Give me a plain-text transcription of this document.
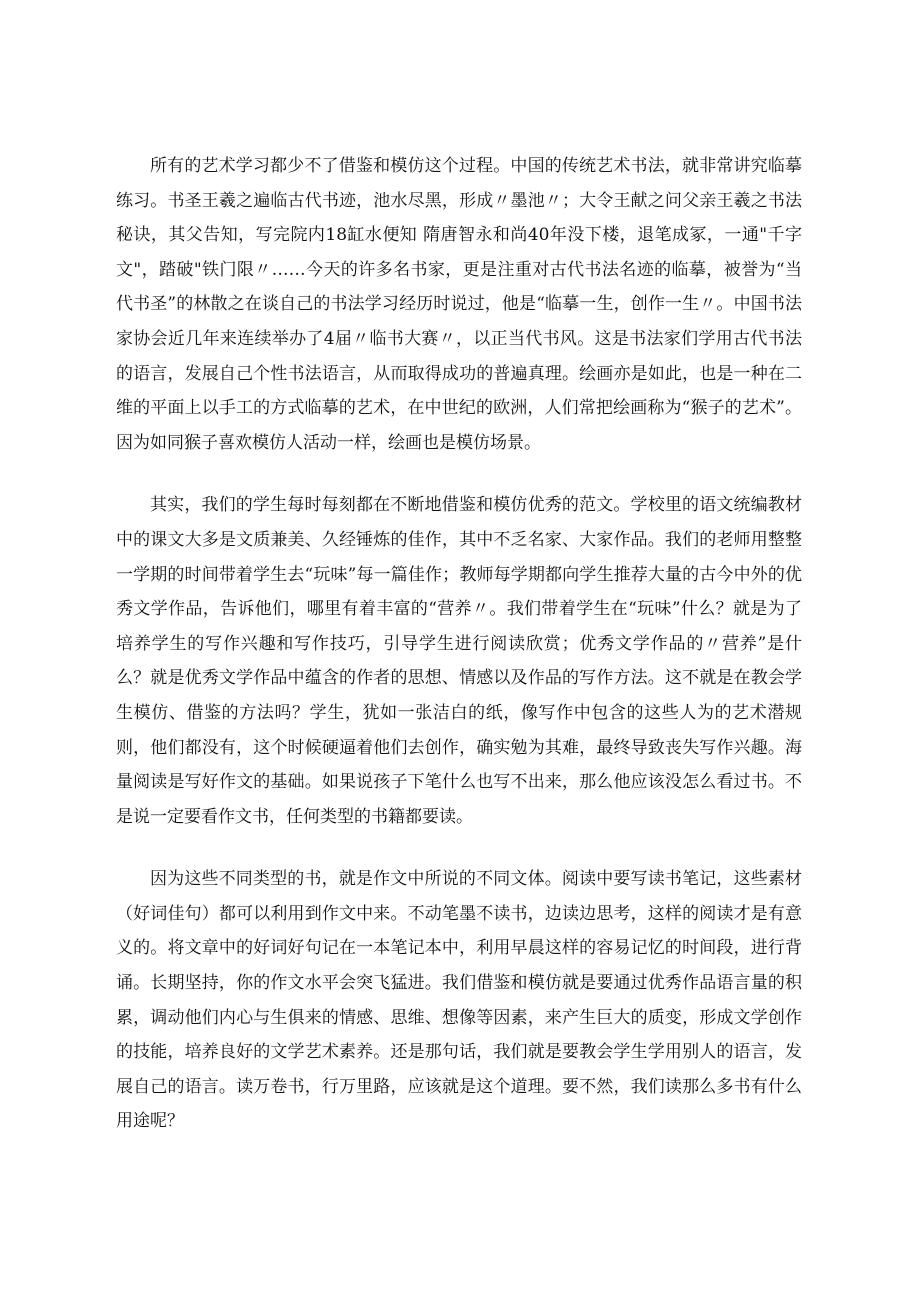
所有的艺术学习都少不了借鉴和模仿这个过程。中国的传统艺术书法，就非常讲究临摹练习。书圣王羲之遍临古代书迹，池水尽黑，形成〃墨池〃；大令王献之问父亲王羲之书法秘诀，其父告知，写完院内18缸水便知 隋唐智永和尚40年没下楼，退笔成冢，一通"千字文"，踏破"铁门限〃……今天的许多名书家，更是注重对古代书法名迹的临摹，被誉为“当代书圣”的林散之在谈自己的书法学习经历时说过，他是“临摹一生，创作一生〃。中国书法家协会近几年来连续举办了4届〃临书大赛〃，以正当代书风。这是书法家们学用古代书法的语言，发展自己个性书法语言，从而取得成功的普遍真理。绘画亦是如此，也是一种在二维的平面上以手工的方式临摹的艺术，在中世纪的欧洲，人们常把绘画称为“猴子的艺术”。因为如同猴子喜欢模仿人活动一样，绘画也是模仿场景。

其实，我们的学生每时每刻都在不断地借鉴和模仿优秀的范文。学校里的语文统编教材中的课文大多是文质兼美、久经锤炼的佳作，其中不乏名家、大家作品。我们的老师用整整一学期的时间带着学生去“玩味”每一篇佳作；教师每学期都向学生推荐大量的古今中外的优秀文学作品，告诉他们，哪里有着丰富的“营养〃。我们带着学生在“玩味”什么？就是为了培养学生的写作兴趣和写作技巧，引导学生进行阅读欣赏；优秀文学作品的〃营养”是什么？就是优秀文学作品中蕴含的作者的思想、情感以及作品的写作方法。这不就是在教会学生模仿、借鉴的方法吗？学生，犹如一张洁白的纸，像写作中包含的这些人为的艺术潜规则，他们都没有，这个时候硬逼着他们去创作，确实勉为其难，最终导致丧失写作兴趣。海量阅读是写好作文的基础。如果说孩子下笔什么也写不出来，那么他应该没怎么看过书。不是说一定要看作文书，任何类型的书籍都要读。

因为这些不同类型的书，就是作文中所说的不同文体。阅读中要写读书笔记，这些素材（好词佳句）都可以利用到作文中来。不动笔墨不读书，边读边思考，这样的阅读才是有意义的。将文章中的好词好句记在一本笔记本中，利用早晨这样的容易记忆的时间段，进行背诵。长期坚持，你的作文水平会突飞猛进。我们借鉴和模仿就是要通过优秀作品语言量的积累，调动他们内心与生俱来的情感、思维、想像等因素，来产生巨大的质变，形成文学创作的技能，培养良好的文学艺术素养。还是那句话，我们就是要教会学生学用别人的语言，发展自己的语言。读万卷书，行万里路，应该就是这个道理。要不然，我们读那么多书有什么用途呢？
